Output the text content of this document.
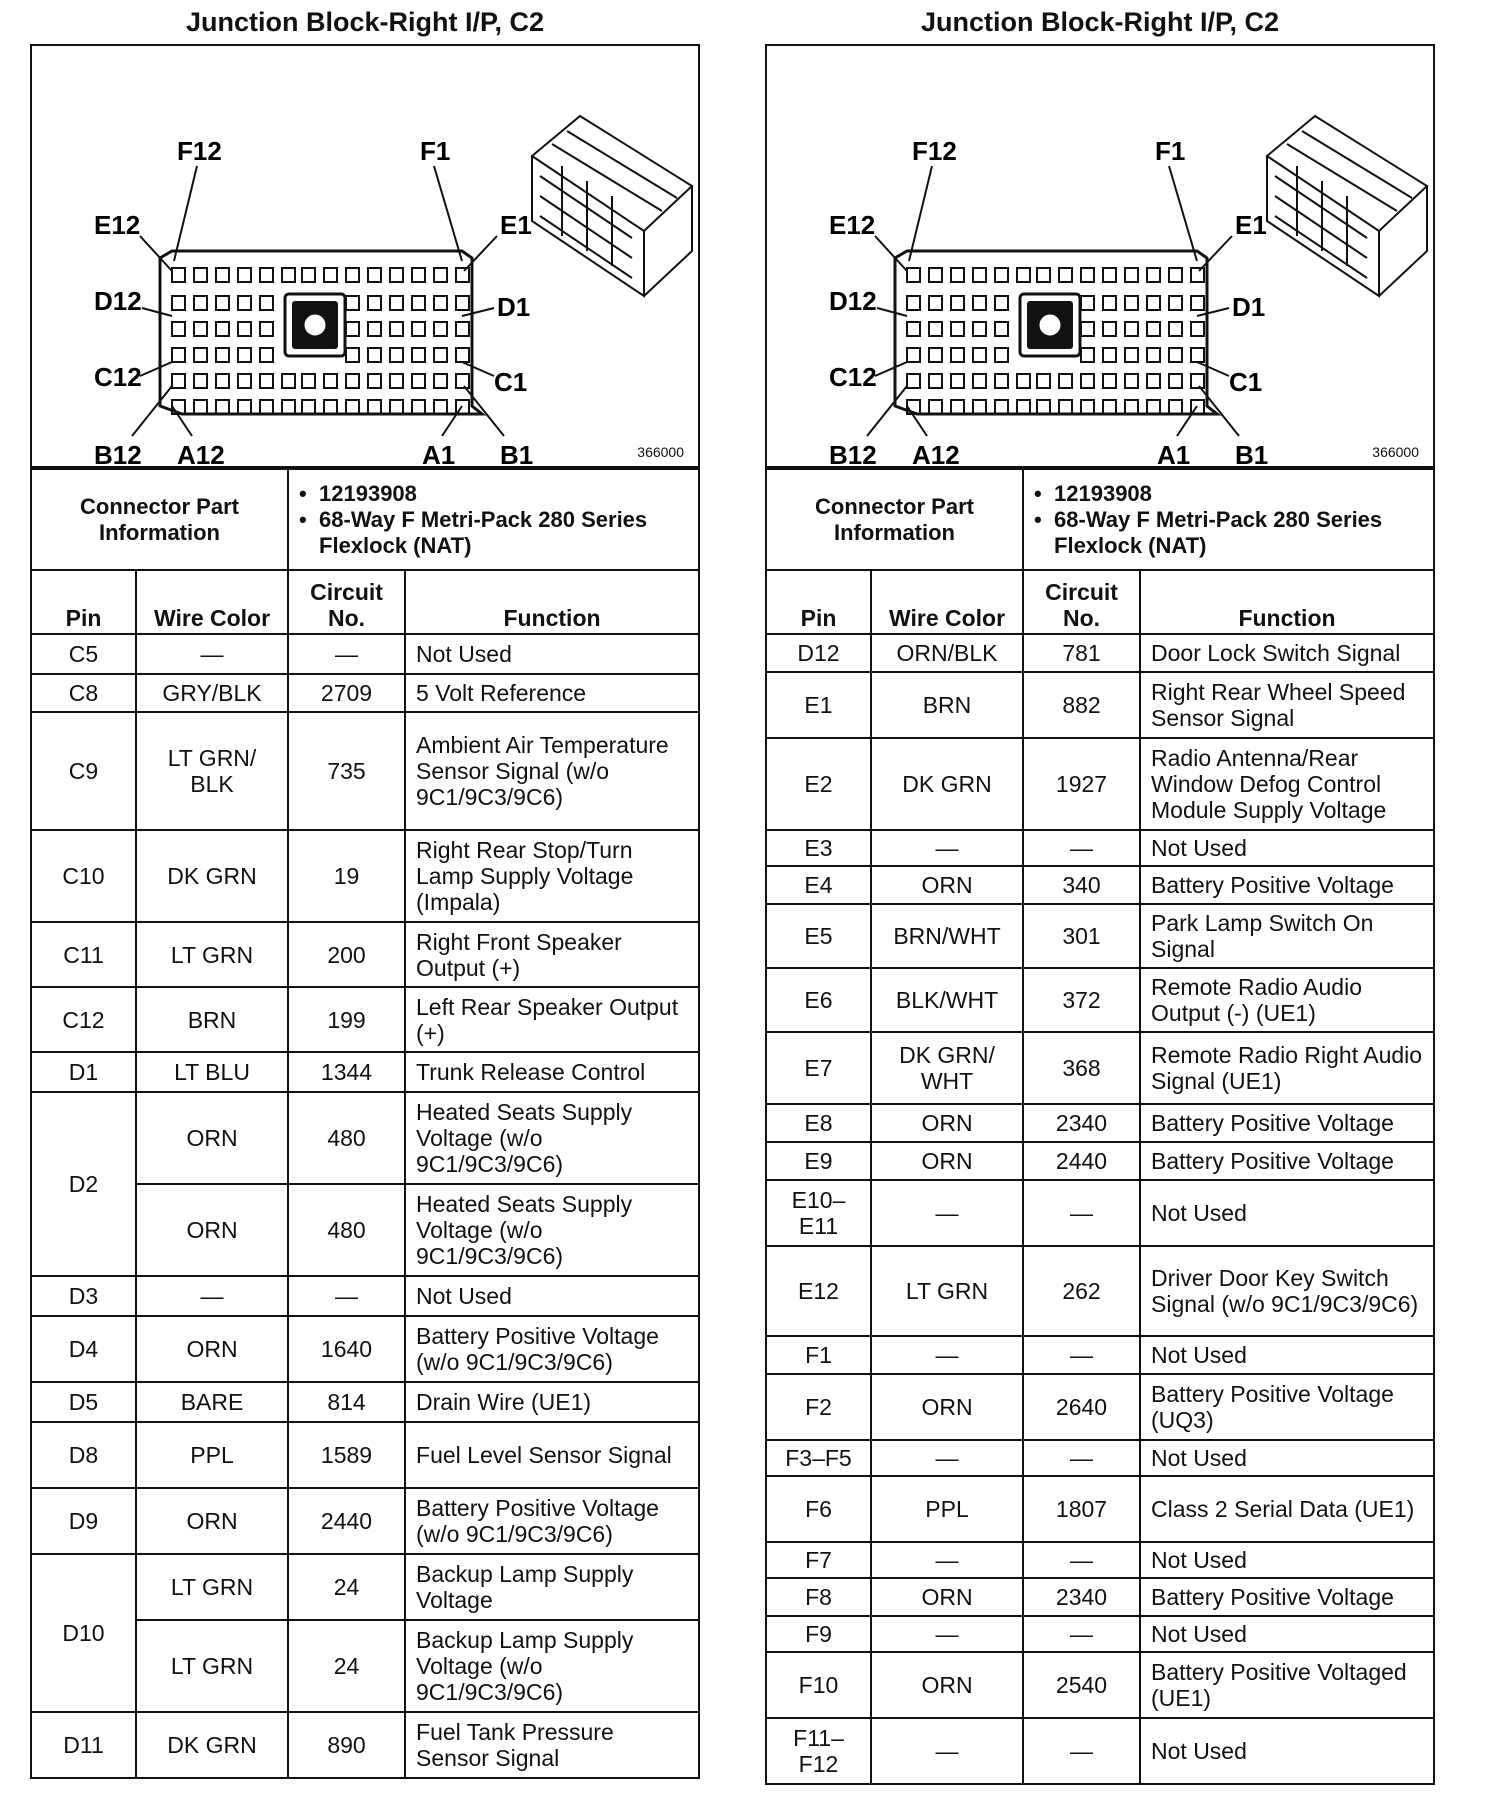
Junction Block-Right I/P, C2
F12	F1
E12	E1
D12	D1
C12	C1
B12 A12	A1 B1	366000
Connector Part Information		• 12193908
• 68-Way F Metri-Pack 280 Series Flexlock (NAT)	

Pin	Wire Color	Circuit No.	Function
C5	—	—	Not Used
C8	GRY/BLK	2709	5 Volt Reference
C9	LT GRN/ BLK	735	Ambient Air Temperature Sensor Signal (w/o 9C1/9C3/9C6)
C10	DK GRN	19	Right Rear Stop/Turn Lamp Supply Voltage (Impala)
C11	LT GRN	200	Right Front Speaker Output (+)
C12	BRN	199	Left Rear Speaker Output (+)
D1	LT BLU	1344	Trunk Release Control
D2	ORN	480	Heated Seats Supply Voltage (w/o 9C1/9C3/9C6)
	ORN	480	Heated Seats Supply Voltage (w/o 9C1/9C3/9C6)
D3	—	—	Not Used
D4	ORN	1640	Battery Positive Voltage (w/o 9C1/9C3/9C6)
D5	BARE	814	Drain Wire (UE1)
D8	PPL	1589	Fuel Level Sensor Signal
D9	ORN	2440	Battery Positive Voltage (w/o 9C1/9C3/9C6)
D10	LT GRN	24	Backup Lamp Supply Voltage
	LT GRN	24	Backup Lamp Supply Voltage (w/o 9C1/9C3/9C6)
D11	DK GRN	890	Fuel Tank Pressure Sensor Signal
Junction Block-Right I/P, C2
F12	F1
E12	E1
D12	D1
C12	C1
B12 A12	A1 B1	366000
Connector Part Information		• 12193908
• 68-Way F Metri-Pack 280 Series Flexlock (NAT)	

Pin	Wire Color	Circuit No.	Function
D12	ORN/BLK	781	Door Lock Switch Signal
E1	BRN	882	Right Rear Wheel Speed Sensor Signal
E2	DK GRN	1927	Radio Antenna/Rear Window Defog Control Module Supply Voltage
E3	—	—	Not Used
E4	ORN	340	Battery Positive Voltage
E5	BRN/WHT	301	Park Lamp Switch On Signal
E6	BLK/WHT	372	Remote Radio Audio Output (-) (UE1)
E7	DK GRN/ WHT	368	Remote Radio Right Audio Signal (UE1)
E8	ORN	2340	Battery Positive Voltage
E9	ORN	2440	Battery Positive Voltage
E10– E11	—	—	Not Used
E12	LT GRN	262	Driver Door Key Switch Signal (w/o 9C1/9C3/9C6)
F1	—	—	Not Used
F2	ORN	2640	Battery Positive Voltage (UQ3)
F3–F5	—	—	Not Used
F6	PPL	1807	Class 2 Serial Data (UE1)
F7	—	—	Not Used
F8	ORN	2340	Battery Positive Voltage
F9	—	—	Not Used
F10	ORN	2540	Battery Positive Voltaged (UE1)
F11– F12	—	—	Not Used
